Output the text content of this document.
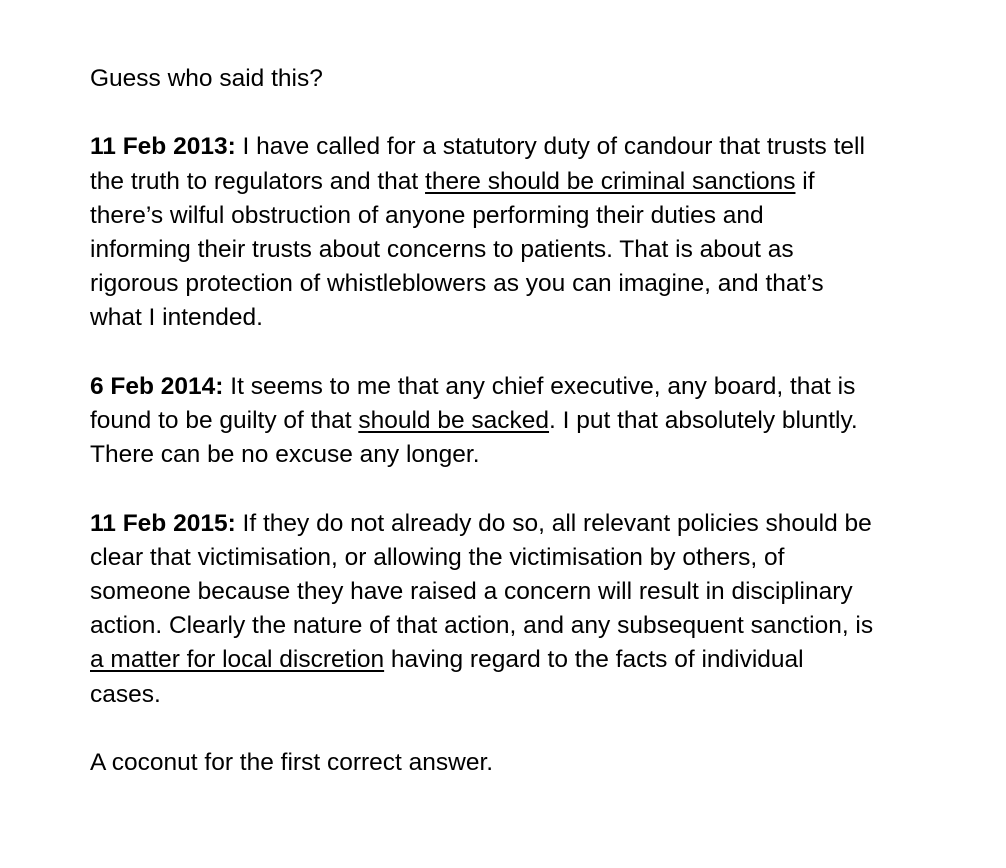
Guess who said this?

11 Feb 2013: I have called for a statutory duty of candour that trusts tell
the truth to regulators and that there should be criminal sanctions if
there’s wilful obstruction of anyone performing their duties and
informing their trusts about concerns to patients. That is about as
rigorous protection of whistleblowers as you can imagine, and that’s
what I intended.
6 Feb 2014: It seems to me that any chief executive, any board, that is
found to be guilty of that should be sacked. I put that absolutely bluntly.
There can be no excuse any longer.
11 Feb 2015: If they do not already do so, all relevant policies should be
clear that victimisation, or allowing the victimisation by others, of
someone because they have raised a concern will result in disciplinary
action. Clearly the nature of that action, and any subsequent sanction, is
a matter for local discretion having regard to the facts of individual
cases.

A coconut for the first correct answer.
